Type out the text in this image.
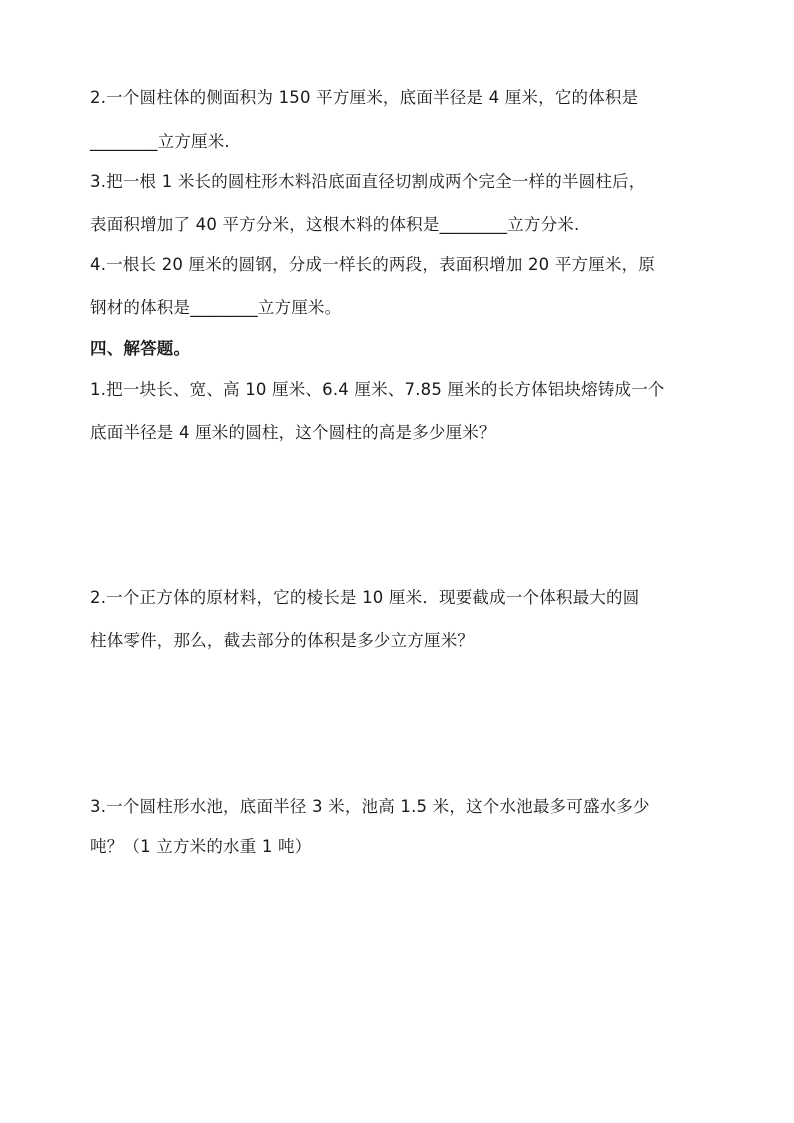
2.一个圆柱体的侧面积为 150 平方厘米，底面半径是 4 厘米，它的体积是
________立方厘米.
3.把一根 1 米长的圆柱形木料沿底面直径切割成两个完全一样的半圆柱后，
表面积增加了 40 平方分米，这根木料的体积是________立方分米.
4.一根长 20 厘米的圆钢，分成一样长的两段，表面积增加 20 平方厘米，原
钢材的体积是________立方厘米。
四、解答题。
1.把一块长、宽、高 10 厘米、6.4 厘米、7.85 厘米的长方体铝块熔铸成一个
底面半径是 4 厘米的圆柱，这个圆柱的高是多少厘米？
2.一个正方体的原材料，它的棱长是 10 厘米．现要截成一个体积最大的圆
柱体零件，那么，截去部分的体积是多少立方厘米？
3.一个圆柱形水池，底面半径 3 米，池高 1.5 米，这个水池最多可盛水多少
吨？（1 立方米的水重 1 吨）
